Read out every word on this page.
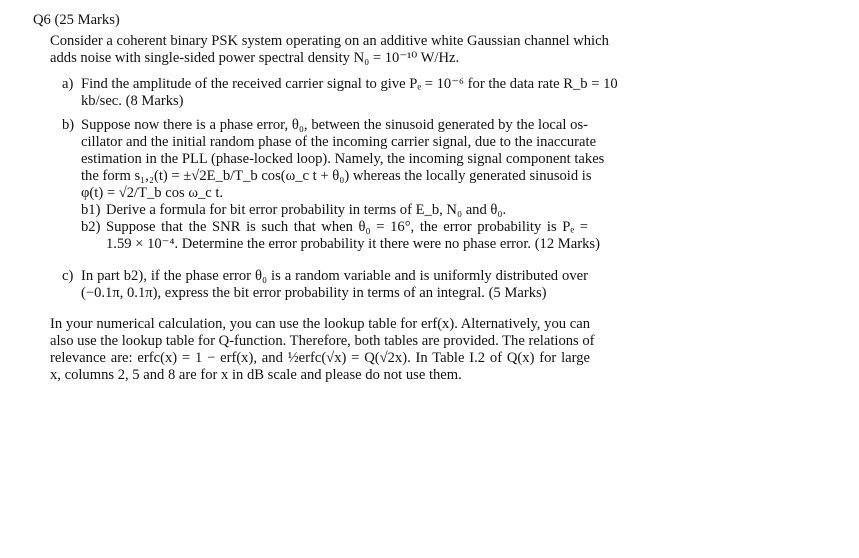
Q6 (25 Marks)
Consider a coherent binary PSK system operating on an additive white Gaussian channel which
adds noise with single-sided power spectral density N₀ = 10⁻¹⁰ W/Hz.
a) Find the amplitude of the received carrier signal to give Pₑ = 10⁻⁶ for the data rate R_b = 10
kb/sec. (8 Marks)
b) Suppose now there is a phase error, θ₀, between the sinusoid generated by the local os-
cillator and the initial random phase of the incoming carrier signal, due to the inaccurate
estimation in the PLL (phase-locked loop). Namely, the incoming signal component takes
the form s₁,₂(t) = ±√2E_b/T_b cos(ω_c t + θ₀) whereas the locally generated sinusoid is
φ(t) = √2/T_b cos ω_c t.
b1) Derive a formula for bit error probability in terms of E_b, N₀ and θ₀.
b2) Suppose that the SNR is such that when θ₀ = 16°, the error probability is Pₑ =
1.59 × 10⁻⁴. Determine the error probability it there were no phase error. (12 Marks)
c) In part b2), if the phase error θ₀ is a random variable and is uniformly distributed over
(−0.1π, 0.1π), express the bit error probability in terms of an integral. (5 Marks)
In your numerical calculation, you can use the lookup table for erf(x). Alternatively, you can
also use the lookup table for Q-function. Therefore, both tables are provided. The relations of
relevance are: erfc(x) = 1 − erf(x), and ½erfc(√x) = Q(√2x). In Table I.2 of Q(x) for large
x, columns 2, 5 and 8 are for x in dB scale and please do not use them.
